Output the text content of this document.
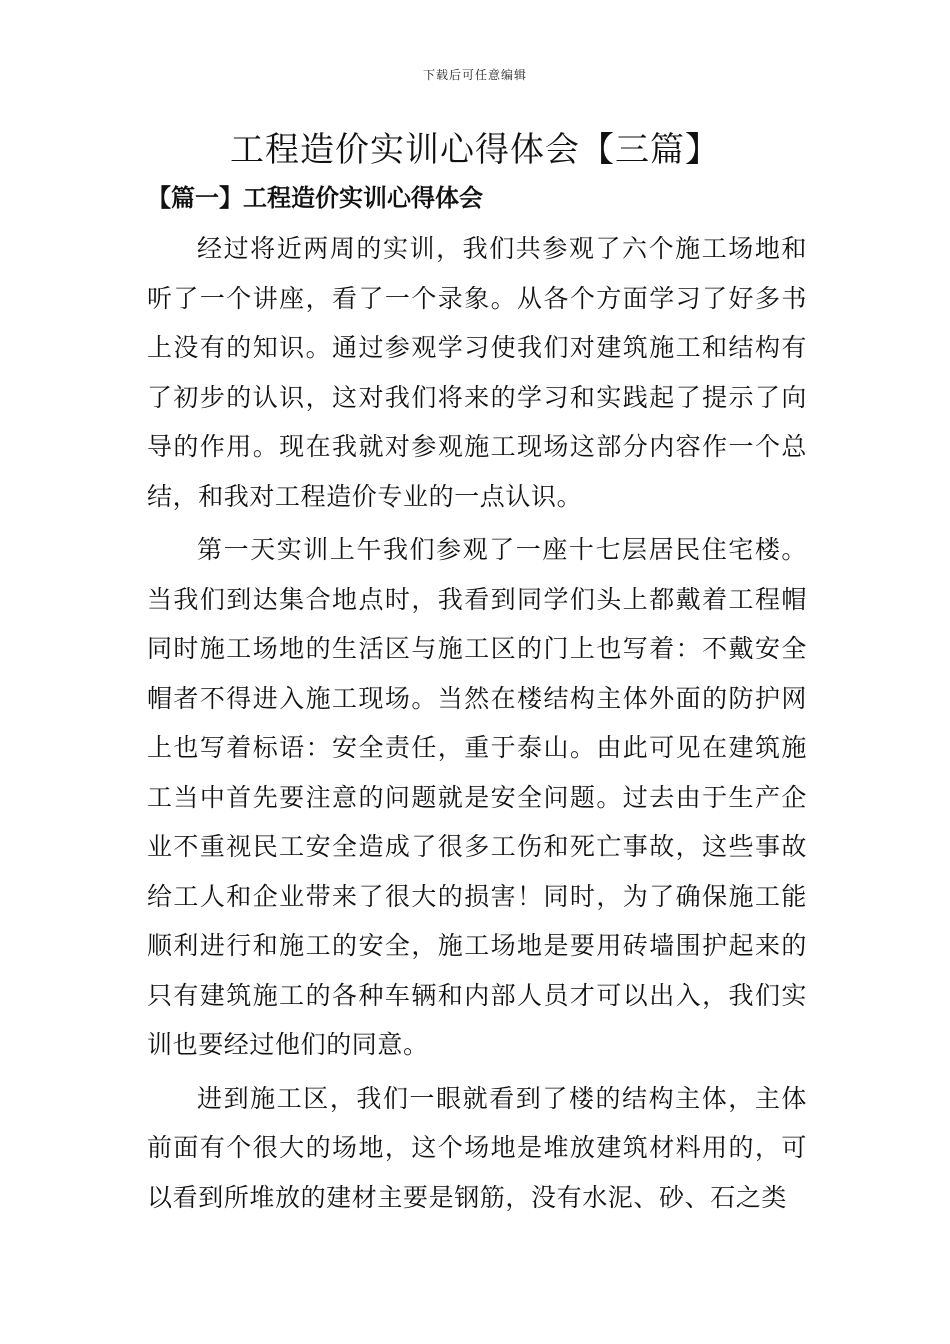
下载后可任意编辑
工程造价实训心得体会【三篇】
【篇一】工程造价实训心得体会

经过将近两周的实训，我们共参观了六个施工场地和听了一个讲座，看了一个录象。从各个方面学习了好多书上没有的知识。通过参观学习使我们对建筑施工和结构有了初步的认识，这对我们将来的学习和实践起了提示了向导的作用。现在我就对参观施工现场这部分内容作一个总结，和我对工程造价专业的一点认识。

第一天实训上午我们参观了一座十七层居民住宅楼。当我们到达集合地点时，我看到同学们头上都戴着工程帽同时施工场地的生活区与施工区的门上也写着：不戴安全帽者不得进入施工现场。当然在楼结构主体外面的防护网上也写着标语：安全责任，重于泰山。由此可见在建筑施工当中首先要注意的问题就是安全问题。过去由于生产企业不重视民工安全造成了很多工伤和死亡事故，这些事故给工人和企业带来了很大的损害！同时，为了确保施工能顺利进行和施工的安全，施工场地是要用砖墙围护起来的只有建筑施工的各种车辆和内部人员才可以出入，我们实训也要经过他们的同意。

进到施工区，我们一眼就看到了楼的结构主体，主体前面有个很大的场地，这个场地是堆放建筑材料用的，可以看到所堆放的建材主要是钢筋，没有水泥、砂、石之类
